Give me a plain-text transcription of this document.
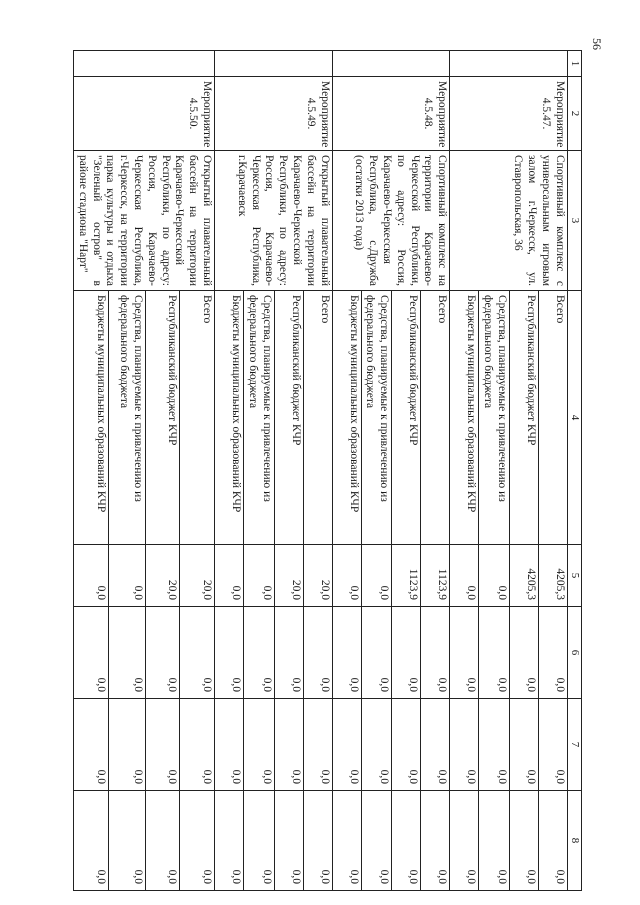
56
1	2	3	4	5	6	7	8
	Мероприятие 4.5.47.	Спортивный комплекс с универсальным игровым залом г.Черкесск, ул. Ставропольская, 36	Всего	4205,3	0,0	0,0	0,0
			Республиканский бюджет КЧР	4205,3	0,0	0,0	0,0
			Средства, планируемые к привлечению из федерального бюджета	0,0	0,0	0,0	0,0
			Бюджеты муниципальных образований КЧР	0,0	0,0	0,0	0,0
	Мероприятие 4.5.48.	Спортивный комплекс на территории Карачаево-Черкесской Республики, по адресу: Россия, Карачаево-Черкесская Республика, с.Дружба (остатки 2013 года)	Всего	1123,9	0,0	0,0	0,0
			Республиканский бюджет КЧР	1123,9	0,0	0,0	0,0
			Средства, планируемые к привлечению из федерального бюджета	0,0	0,0	0,0	0,0
			Бюджеты муниципальных образований КЧР	0,0	0,0	0,0	0,0
	Мероприятие 4.5.49.	Открытый плавательный бассейн на территории Карачаево-Черкесской Республики, по адресу: Россия, Карачаево-Черкесская Республика, г.Карачаевск	Всего	20,0	0,0	0,0	0,0
			Республиканский бюджет КЧР	20,0	0,0	0,0	0,0
			Средства, планируемые к привлечению из федерального бюджета	0,0	0,0	0,0	0,0
			Бюджеты муниципальных образований КЧР	0,0	0,0	0,0	0,0
	Мероприятие 4.5.50.	Открытый плавательный бассейн на территории Карачаево-Черкесской Республики, по адресу: Россия, Карачаево-Черкесская Республика, г.Черкесск, на территории парка культуры и отдыха "Зеленый остров" в районе стадиона "Нарт"	Всего	20,0	0,0	0,0	0,0
			Республиканский бюджет КЧР	20,0	0,0	0,0	0,0
			Средства, планируемые к привлечению из федерального бюджета	0,0	0,0	0,0	0,0
			Бюджеты муниципальных образований КЧР	0,0	0,0	0,0	0,0
